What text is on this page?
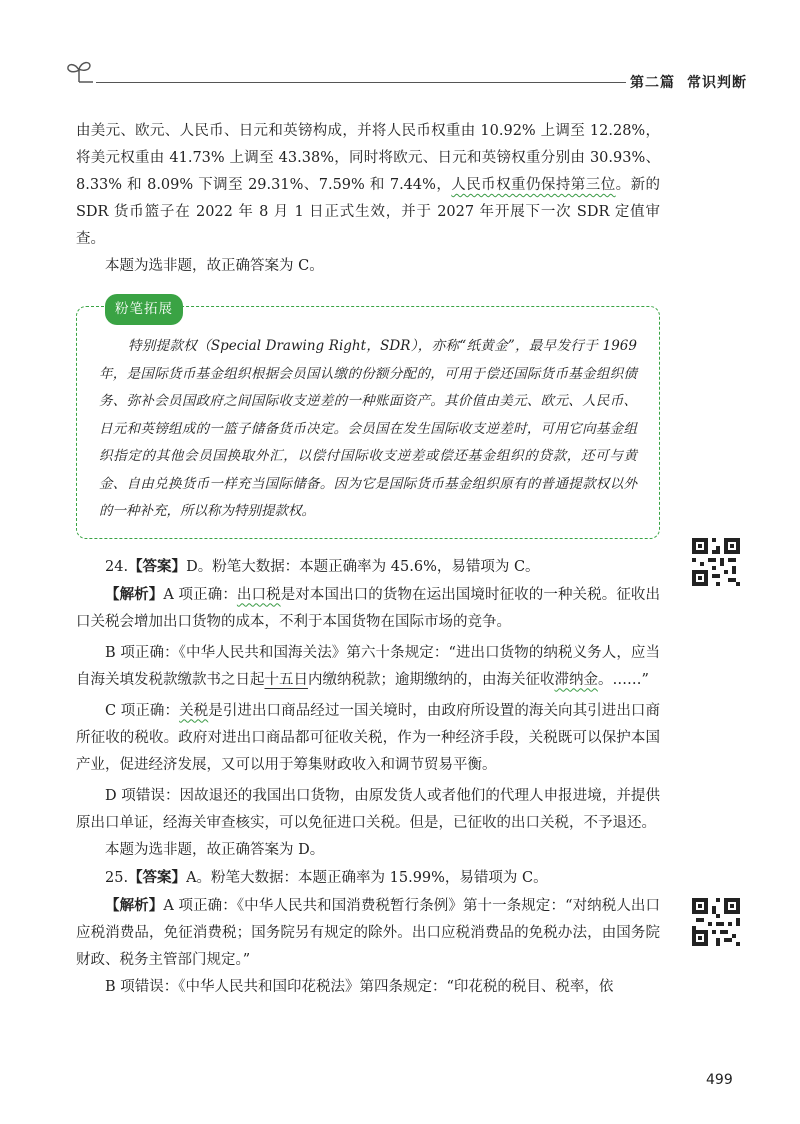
第二篇 常识判断

由美元、欧元、人民币、日元和英镑构成，并将人民币权重由 10.92% 上调至 12.28%，将美元权重由 41.73% 上调至 43.38%，同时将欧元、日元和英镑权重分别由 30.93%、8.33% 和 8.09% 下调至 29.31%、7.59% 和 7.44%，人民币权重仍保持第三位。新的 SDR 货币篮子在 2022 年 8 月 1 日正式生效，并于 2027 年开展下一次 SDR 定值审查。

本题为选非题，故正确答案为 C。

粉笔拓展

特别提款权（Special Drawing Right，SDR），亦称“纸黄金”，最早发行于 1969 年，是国际货币基金组织根据会员国认缴的份额分配的，可用于偿还国际货币基金组织债务、弥补会员国政府之间国际收支逆差的一种账面资产。其价值由美元、欧元、人民币、日元和英镑组成的一篮子储备货币决定。会员国在发生国际收支逆差时，可用它向基金组织指定的其他会员国换取外汇，以偿付国际收支逆差或偿还基金组织的贷款，还可与黄金、自由兑换货币一样充当国际储备。因为它是国际货币基金组织原有的普通提款权以外的一种补充，所以称为特别提款权。

24.【答案】D。粉笔大数据：本题正确率为 45.6%，易错项为 C。

【解析】A 项正确：出口税是对本国出口的货物在运出国境时征收的一种关税。征收出口关税会增加出口货物的成本，不利于本国货物在国际市场的竞争。

B 项正确：《中华人民共和国海关法》第六十条规定：“进出口货物的纳税义务人，应当自海关填发税款缴款书之日起十五日内缴纳税款；逾期缴纳的，由海关征收滞纳金。……”

C 项正确：关税是引进出口商品经过一国关境时，由政府所设置的海关向其引进出口商所征收的税收。政府对进出口商品都可征收关税，作为一种经济手段，关税既可以保护本国产业，促进经济发展，又可以用于筹集财政收入和调节贸易平衡。

D 项错误：因故退还的我国出口货物，由原发货人或者他们的代理人申报进境，并提供原出口单证，经海关审查核实，可以免征进口关税。但是，已征收的出口关税，不予退还。

本题为选非题，故正确答案为 D。

25.【答案】A。粉笔大数据：本题正确率为 15.99%，易错项为 C。

【解析】A 项正确：《中华人民共和国消费税暂行条例》第十一条规定：“对纳税人出口应税消费品，免征消费税；国务院另有规定的除外。出口应税消费品的免税办法，由国务院财政、税务主管部门规定。”

B 项错误：《中华人民共和国印花税法》第四条规定：“印花税的税目、税率，依

499
